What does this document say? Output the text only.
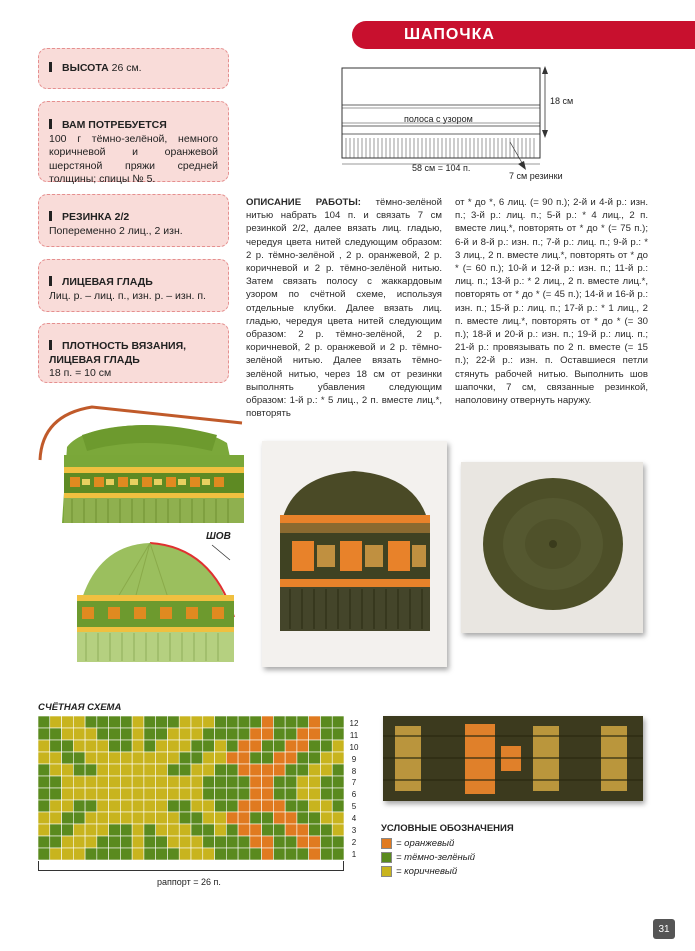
ШАПОЧКА
ВЫСОТА 26 см.
ВАМ ПОТРЕБУЕТСЯ
100 г тёмно-зелёной, немного коричневой и оранжевой шерстяной пряжи средней толщины; спицы № 5.
РЕЗИНКА 2/2
Попеременно 2 лиц., 2 изн.
ЛИЦЕВАЯ ГЛАДЬ
Лиц. р. – лиц. п., изн. р. – изн. п.
ПЛОТНОСТЬ ВЯЗАНИЯ, ЛИЦЕВАЯ ГЛАДЬ
18 п. = 10 см
18 см
полоса с узором
58 см = 104 п.
7 см резинки
ОПИСАНИЕ РАБОТЫ: тёмно-зелёной нитью набрать 104 п. и связать 7 см резинкой 2/2, далее вязать лиц. гладью, чередуя цвета нитей следующим образом: 2 р. тёмно-зелёной , 2 р. оранжевой, 2 р. коричневой и 2 р. тёмно-зелёной нитью. Затем связать полосу с жаккардовым узором по счётной схеме, используя отдельные клубки. Далее вязать лиц. гладью, чередуя цвета нитей следующим образом: 2 р. тёмно-зелёной, 2 р. коричневой, 2 р. оранжевой и 2 р. тёмно-зелёной нитью. Далее вязать тёмно-зелёной нитью, через 18 см от резинки выполнять убавления следующим образом: 1-й р.: * 5 лиц., 2 п. вместе лиц.*, повторять
от * до *, 6 лиц. (= 90 п.); 2-й и 4-й р.: изн. п.; 3-й р.: лиц. п.; 5-й р.: * 4 лиц., 2 п. вместе лиц.*, повторять от * до * (= 75 п.); 6-й и 8-й р.: изн. п.; 7-й р.: лиц. п.; 9-й р.: * 3 лиц., 2 п. вместе лиц.*, повторять от * до * (= 60 п.); 10-й и 12-й р.: изн. п.; 11-й р.: лиц. п.; 13-й р.: * 2 лиц., 2 п. вместе лиц.*, повторять от * до * (= 45 п.); 14-й и 16-й р.: изн. п.; 15-й р.: лиц. п.; 17-й р.: * 1 лиц., 2 п. вместе лиц.*, повторять от * до * (= 30 п.); 18-й и 20-й р.: изн. п.; 19-й р.: лиц. п.; 21-й р.: провязывать по 2 п. вместе (= 15 п.); 22-й р.: изн. п. Оставшиеся петли стянуть рабочей нитью. Выполнить шов шапочки, 7 см, связанные резинкой, наполовину отвернуть наружу.
ШОВ
СЧЁТНАЯ СХЕМА
12
11
10
9
8
7
6
5
4
3
2
1
раппорт = 26 п.
УСЛОВНЫЕ ОБОЗНАЧЕНИЯ
= оранжевый
= тёмно-зелёный
= коричневый
31
